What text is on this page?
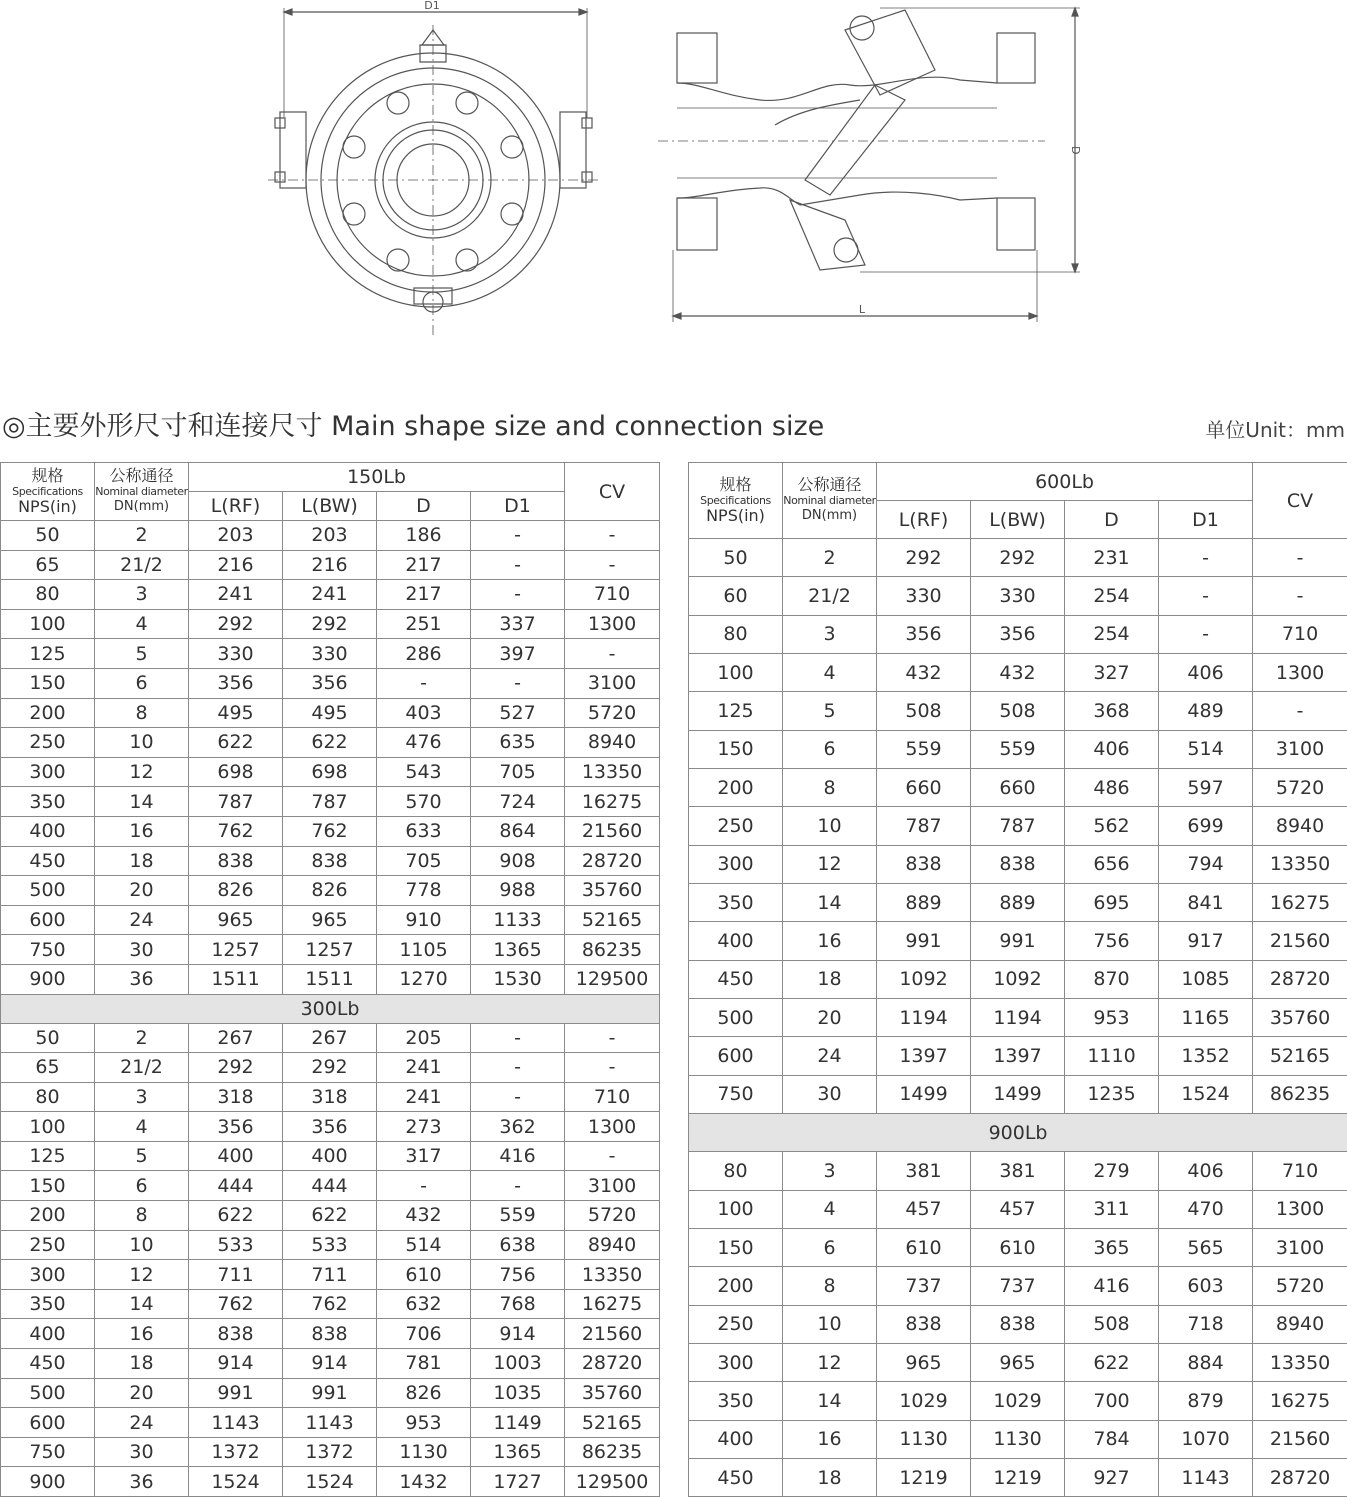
D1
D
L
◎主要外形尺寸和连接尺寸 Main shape size and connection size	单位Unit：mm
规格
Specifications
NPS(in)	公称通径
Nominal diameter
DN(mm)	150Lb				CV
		L(RF)	L(BW)	D	D1	
50	2	203	203	186	-	-
65	21/2	216	216	217	-	-
80	3	241	241	217	-	710
100	4	292	292	251	337	1300
125	5	330	330	286	397	-
150	6	356	356	-	-	3100
200	8	495	495	403	527	5720
250	10	622	622	476	635	8940
300	12	698	698	543	705	13350
350	14	787	787	570	724	16275
400	16	762	762	633	864	21560
450	18	838	838	705	908	28720
500	20	826	826	778	988	35760
600	24	965	965	910	1133	52165
750	30	1257	1257	1105	1365	86235
900	36	1511	1511	1270	1530	129500
300Lb						
50	2	267	267	205	-	-
65	21/2	292	292	241	-	-
80	3	318	318	241	-	710
100	4	356	356	273	362	1300
125	5	400	400	317	416	-
150	6	444	444	-	-	3100
200	8	622	622	432	559	5720
250	10	533	533	514	638	8940
300	12	711	711	610	756	13350
350	14	762	762	632	768	16275
400	16	838	838	706	914	21560
450	18	914	914	781	1003	28720
500	20	991	991	826	1035	35760
600	24	1143	1143	953	1149	52165
750	30	1372	1372	1130	1365	86235
900	36	1524	1524	1432	1727	129500
规格
Specifications
NPS(in)	公称通径
Nominal diameter
DN(mm)	600Lb				CV
		L(RF)	L(BW)	D	D1	
50	2	292	292	231	-	-
60	21/2	330	330	254	-	-
80	3	356	356	254	-	710
100	4	432	432	327	406	1300
125	5	508	508	368	489	-
150	6	559	559	406	514	3100
200	8	660	660	486	597	5720
250	10	787	787	562	699	8940
300	12	838	838	656	794	13350
350	14	889	889	695	841	16275
400	16	991	991	756	917	21560
450	18	1092	1092	870	1085	28720
500	20	1194	1194	953	1165	35760
600	24	1397	1397	1110	1352	52165
750	30	1499	1499	1235	1524	86235
900Lb						
80	3	381	381	279	406	710
100	4	457	457	311	470	1300
150	6	610	610	365	565	3100
200	8	737	737	416	603	5720
250	10	838	838	508	718	8940
300	12	965	965	622	884	13350
350	14	1029	1029	700	879	16275
400	16	1130	1130	784	1070	21560
450	18	1219	1219	927	1143	28720
